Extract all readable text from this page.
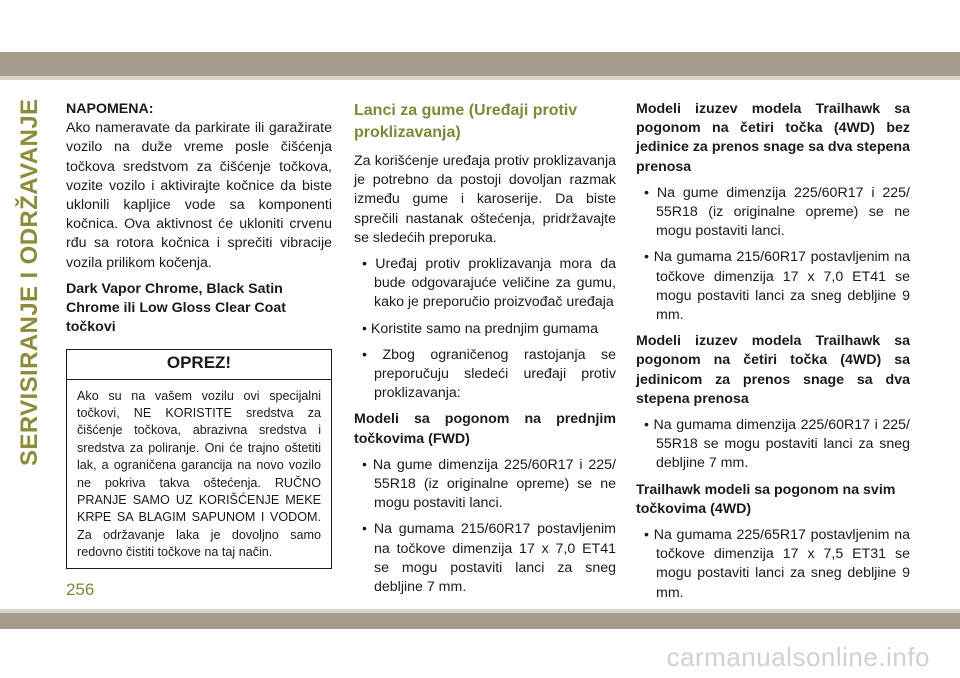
SERVISIRANJE I ODRŽAVANJE NAPOMENA:

Ako nameravate da parkirate ili garažirate vozilo na duže vreme posle čišćenja točkova sredstvom za čišćenje točkova, vozite vozilo i aktivirajte kočnice da biste uklonili kapljice vode sa komponenti kočnica. Ova aktivnost će ukloniti crvenu rđu sa rotora kočnica i sprečiti vibracije vozila prilikom kočenja.

Dark Vapor Chrome, Black Satin Chrome ili Low Gloss Clear Coat točkovi

OPREZ!
Ako su na vašem vozilu ovi specijalni točkovi, NE KORISTITE sredstva za čišćenje točkova, abrazivna sredstva i sredstva za poliranje. Oni će trajno oštetiti lak, a ograničena garancija na novo vozilo ne pokriva takva oštećenja. RUČNO PRANJE SAMO UZ KORIŠĆENJE MEKE KRPE SA BLAGIM SAPUNOM I VODOM. Za održavanje laka je dovoljno samo redovno čistiti točkove na taj način.
Lanci za gume (Uređaji protiv proklizavanja)

Za korišćenje uređaja protiv proklizavanja je potrebno da postoji dovoljan razmak između gume i karoserije. Da biste sprečili nastanak oštećenja, pridržavajte se sledećih preporuka.

• Uređaj protiv proklizavanja mora da bude odgovarajuće veličine za gumu, kako je preporučio proizvođač uređaja

• Koristite samo na prednjim gumama

• Zbog ograničenog rastojanja se preporučuju sledeći uređaji protiv proklizavanja:

Modeli sa pogonom na prednjim točkovima (FWD)

• Na gume dimenzija 225/60R17 i 225/ 55R18 (iz originalne opreme) se ne mogu postaviti lanci.

• Na gumama 215/60R17 postavljenim na točkove dimenzija 17 x 7,0 ET41 se mogu postaviti lanci za sneg debljine 7 mm.

Modeli izuzev modela Trailhawk sa pogonom na četiri točka (4WD) bez jedinice za prenos snage sa dva stepena prenosa

• Na gume dimenzija 225/60R17 i 225/ 55R18 (iz originalne opreme) se ne mogu postaviti lanci.

• Na gumama 215/60R17 postavljenim na točkove dimenzija 17 x 7,0 ET41 se mogu postaviti lanci za sneg debljine 9 mm.

Modeli izuzev modela Trailhawk sa pogonom na četiri točka (4WD) sa jedinicom za prenos snage sa dva stepena prenosa

• Na gumama dimenzija 225/60R17 i 225/ 55R18 se mogu postaviti lanci za sneg debljine 7 mm.

Trailhawk modeli sa pogonom na svim točkovima (4WD)

• Na gumama 225/65R17 postavljenim na točkove dimenzija 17 x 7,5 ET31 se mogu postaviti lanci za sneg debljine 9 mm.

256
carmanualsonline.info
